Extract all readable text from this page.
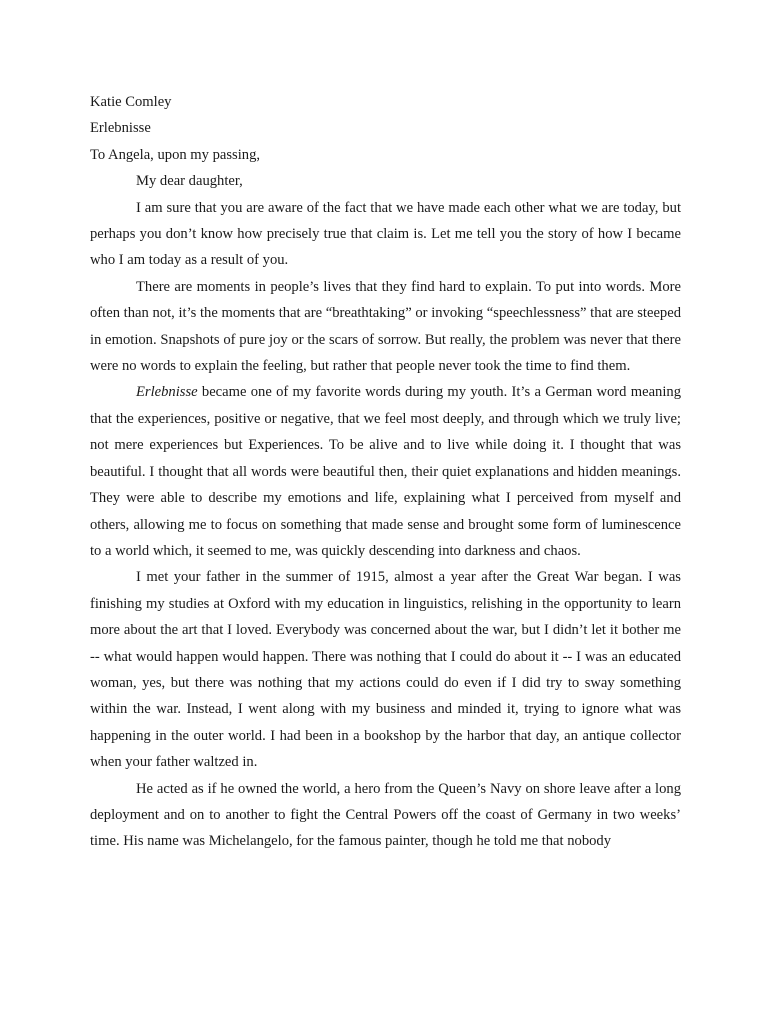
Katie Comley

Erlebnisse

To Angela, upon my passing,

My dear daughter,

I am sure that you are aware of the fact that we have made each other what we are today, but perhaps you don’t know how precisely true that claim is. Let me tell you the story of how I became who I am today as a result of you.

There are moments in people’s lives that they find hard to explain. To put into words. More often than not, it’s the moments that are “breathtaking” or invoking “speechlessness” that are steeped in emotion. Snapshots of pure joy or the scars of sorrow. But really, the problem was never that there were no words to explain the feeling, but rather that people never took the time to find them.

Erlebnisse became one of my favorite words during my youth. It’s a German word meaning that the experiences, positive or negative, that we feel most deeply, and through which we truly live; not mere experiences but Experiences. To be alive and to live while doing it. I thought that was beautiful. I thought that all words were beautiful then, their quiet explanations and hidden meanings. They were able to describe my emotions and life, explaining what I perceived from myself and others, allowing me to focus on something that made sense and brought some form of luminescence to a world which, it seemed to me, was quickly descending into darkness and chaos.

I met your father in the summer of 1915, almost a year after the Great War began. I was finishing my studies at Oxford with my education in linguistics, relishing in the opportunity to learn more about the art that I loved. Everybody was concerned about the war, but I didn’t let it bother me -- what would happen would happen. There was nothing that I could do about it -- I was an educated woman, yes, but there was nothing that my actions could do even if I did try to sway something within the war. Instead, I went along with my business and minded it, trying to ignore what was happening in the outer world. I had been in a bookshop by the harbor that day, an antique collector when your father waltzed in.

He acted as if he owned the world, a hero from the Queen’s Navy on shore leave after a long deployment and on to another to fight the Central Powers off the coast of Germany in two weeks’ time. His name was Michelangelo, for the famous painter, though he told me that nobody
